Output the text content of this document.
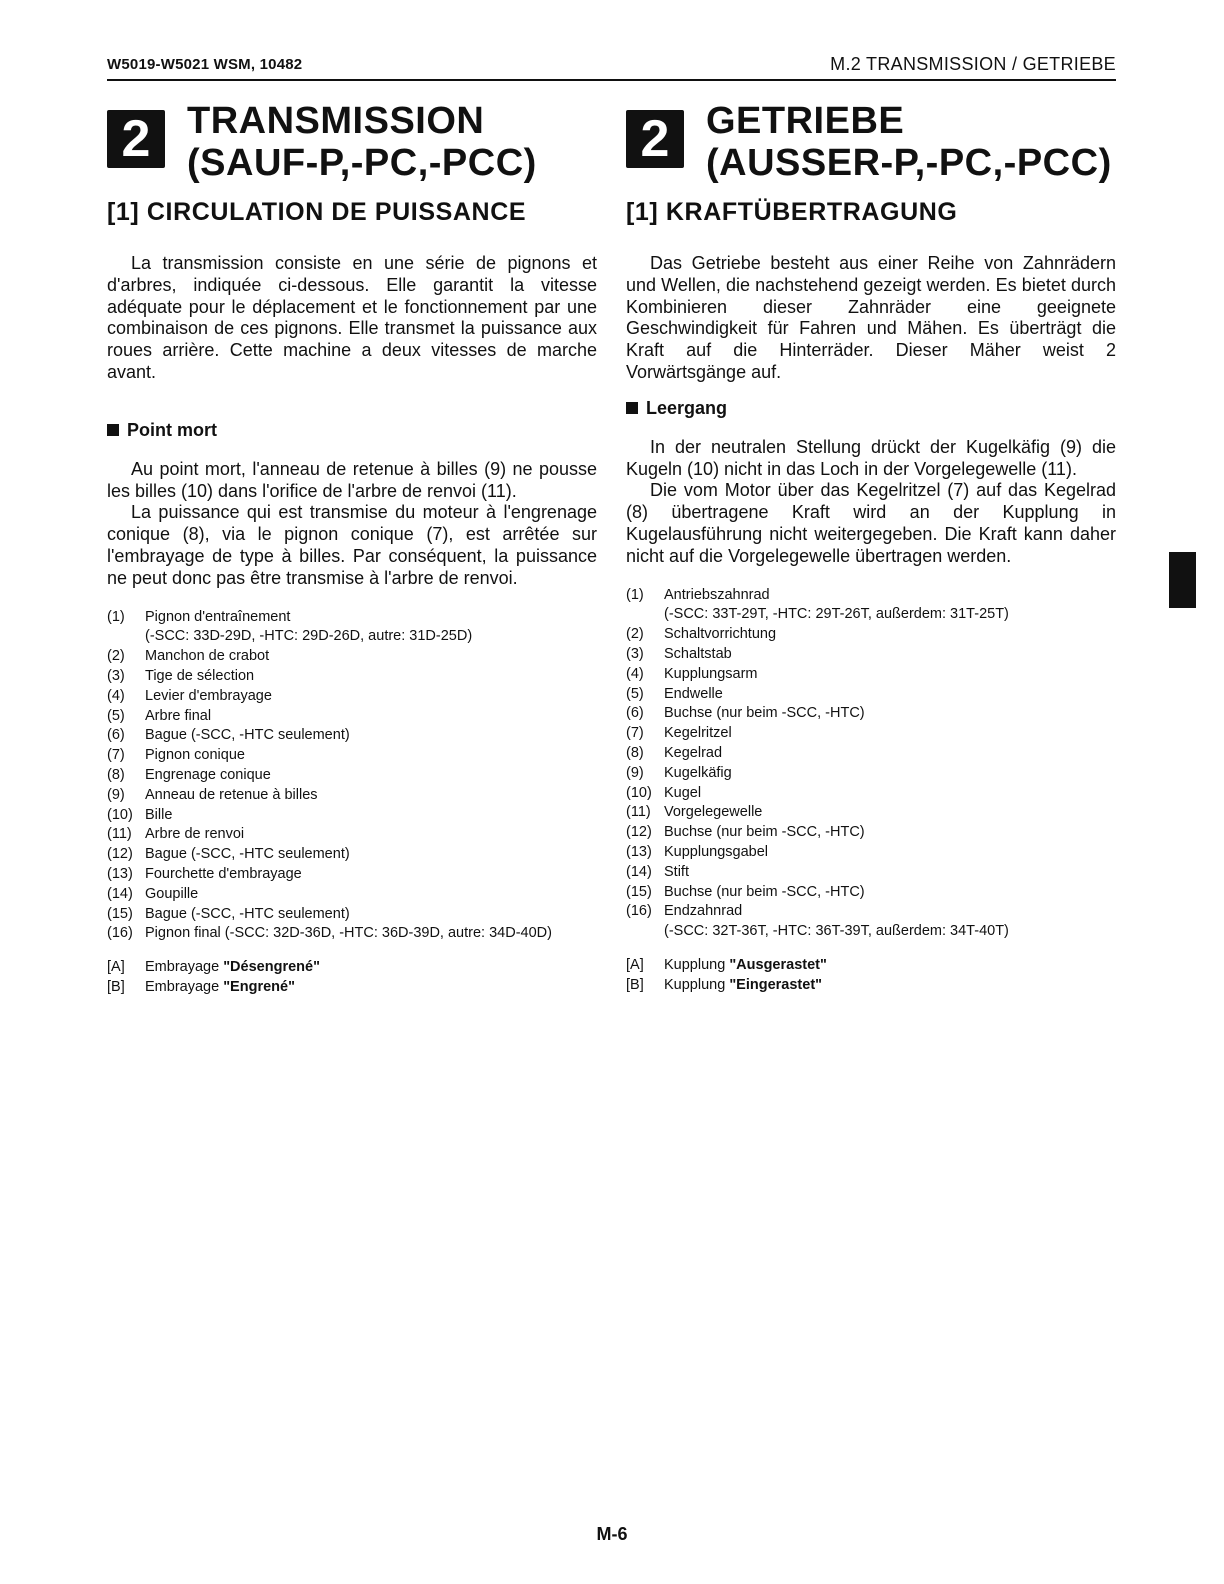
W5019-W5021 WSM, 10482	M.2 TRANSMISSION / GETRIEBE
2 TRANSMISSION
(SAUF-P,-PC,-PCC)
[1] CIRCULATION DE PUISSANCE
La transmission consiste en une série de pignons et d'arbres, indiquée ci-dessous. Elle garantit la vitesse adéquate pour le déplacement et le fonctionnement par une combinaison de ces pignons. Elle transmet la puissance aux roues arrière. Cette machine a deux vitesses de marche avant.
Point mort
Au point mort, l'anneau de retenue à billes (9) ne pousse les billes (10) dans l'orifice de l'arbre de renvoi (11).
La puissance qui est transmise du moteur à l'engrenage conique (8), via le pignon conique (7), est arrêtée sur l'embrayage de type à billes. Par conséquent, la puissance ne peut donc pas être transmise à l'arbre de renvoi.
(1)	Pignon d'entraînement
(-SCC: 33D-29D, -HTC: 29D-26D, autre: 31D-25D)
(2)	Manchon de crabot
(3)	Tige de sélection
(4)	Levier d'embrayage
(5)	Arbre final
(6)	Bague (-SCC, -HTC seulement)
(7)	Pignon conique
(8)	Engrenage conique
(9)	Anneau de retenue à billes
(10) Bille
(11) Arbre de renvoi
(12) Bague (-SCC, -HTC seulement)
(13) Fourchette d'embrayage
(14) Goupille
(15) Bague (-SCC, -HTC seulement)
(16) Pignon final (-SCC: 32D-36D, -HTC: 36D-39D, autre: 34D-40D)
[A]	Embrayage "Désengrené"
[B]	Embrayage "Engrené"
2 GETRIEBE
(AUSSER-P,-PC,-PCC)
[1] KRAFTÜBERTRAGUNG
Das Getriebe besteht aus einer Reihe von Zahnrädern und Wellen, die nachstehend gezeigt werden. Es bietet durch Kombinieren dieser Zahnräder eine geeignete Geschwindigkeit für Fahren und Mähen. Es überträgt die Kraft auf die Hinterräder. Dieser Mäher weist 2 Vorwärtsgänge auf.
Leergang
In der neutralen Stellung drückt der Kugelkäfig (9) die Kugeln (10) nicht in das Loch in der Vorgelegewelle (11).
Die vom Motor über das Kegelritzel (7) auf das Kegelrad (8) übertragene Kraft wird an der Kupplung in Kugelausführung nicht weitergegeben. Die Kraft kann daher nicht auf die Vorgelegewelle übertragen werden.
(1)	Antriebszahnrad
(-SCC: 33T-29T, -HTC: 29T-26T, außerdem: 31T-25T)
(2)	Schaltvorrichtung
(3)	Schaltstab
(4)	Kupplungsarm
(5)	Endwelle
(6)	Buchse (nur beim -SCC, -HTC)
(7)	Kegelritzel
(8)	Kegelrad
(9)	Kugelkäfig
(10) Kugel
(11) Vorgelegewelle
(12) Buchse (nur beim -SCC, -HTC)
(13) Kupplungsgabel
(14) Stift
(15) Buchse (nur beim -SCC, -HTC)
(16) Endzahnrad
(-SCC: 32T-36T, -HTC: 36T-39T, außerdem: 34T-40T)
[A]	Kupplung "Ausgerastet"
[B]	Kupplung "Eingerastet"
M-6
